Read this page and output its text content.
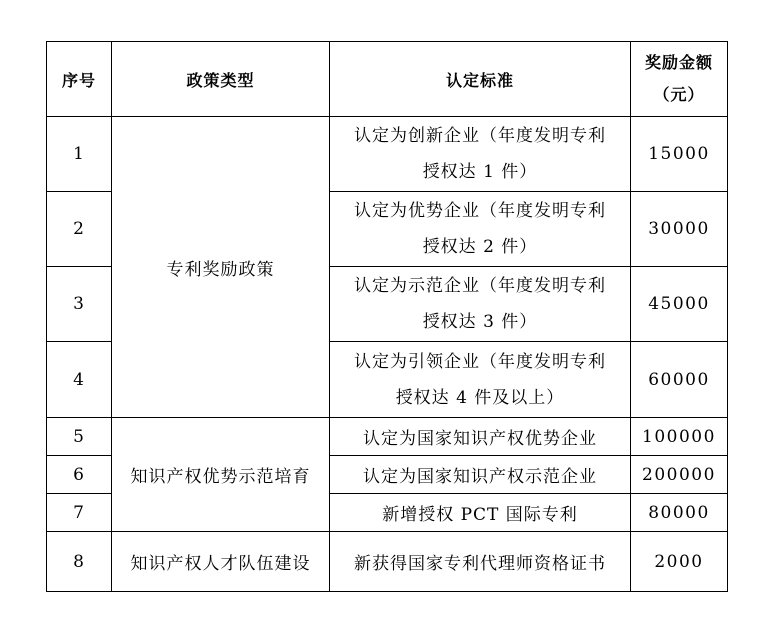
序号	政策类型	认定标准	奖励金额
（元）

1	专利奖励政策	认定为创新企业（年度发明专利
授权达 1 件）	15000
2		认定为优势企业（年度发明专利
授权达 2 件）	30000
3		认定为示范企业（年度发明专利
授权达 3 件）	45000
4		认定为引领企业（年度发明专利
授权达 4 件及以上）	60000
5	知识产权优势示范培育	认定为国家知识产权优势企业	100000
6		认定为国家知识产权示范企业	200000
7		新增授权 PCT 国际专利	80000
8	知识产权人才队伍建设	新获得国家专利代理师资格证书	2000
